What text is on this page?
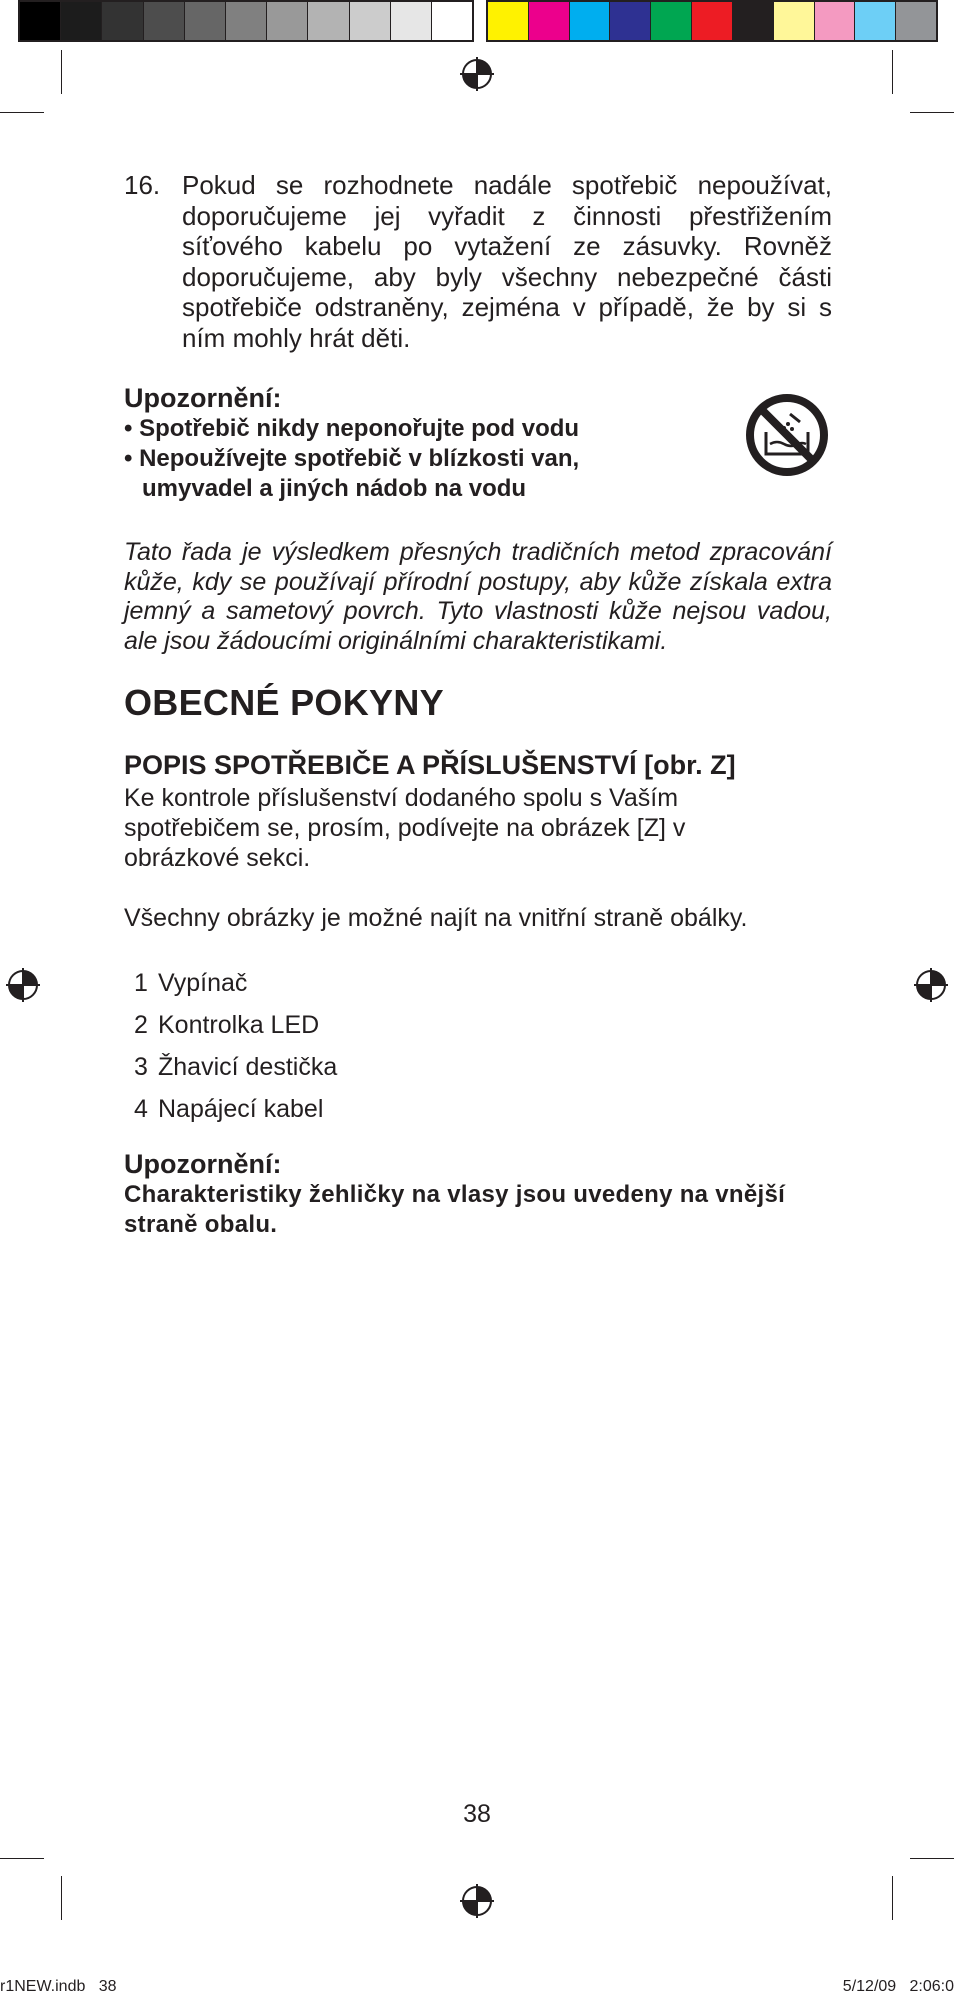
16. Pokud se rozhodnete nadále spotřebič nepoužívat, doporučujeme jej vyřadit z činnosti přestřižením síťového kabelu po vytažení ze zásuvky. Rovněž doporučujeme, aby byly všechny nebezpečné části spotřebiče odstraněny, zejména v případě, že by si s ním mohly hrát děti.
Upozornění:

• Spotřebič nikdy neponořujte pod vodu

• Nepoužívejte spotřebič v blízkosti van,
umyvadel a jiných nádob na vodu

Tato řada je výsledkem přesných tradičních metod zpracování kůže, kdy se používají přírodní postupy, aby kůže získala extra jemný a sametový povrch. Tyto vlastnosti kůže nejsou vadou, ale jsou žádoucími originálními charakteristikami.

OBECNÉ POKYNY
POPIS SPOTŘEBIČE A PŘÍSLUŠENSTVÍ [obr. Z]

Ke kontrole příslušenství dodaného spolu s Vaším spotřebičem se, prosím, podívejte na obrázek [Z] v obrázkové sekci.

Všechny obrázky je možné najít na vnitřní straně obálky.

1 Vypínač
2 Kontrolka LED
3 Žhavicí destička
4 Napájecí kabel
Upozornění:

Charakteristiky žehličky na vlasy jsou uvedeny na vnější straně obalu.

38
r1NEW.indb   38	5/12/09   2:06:0
